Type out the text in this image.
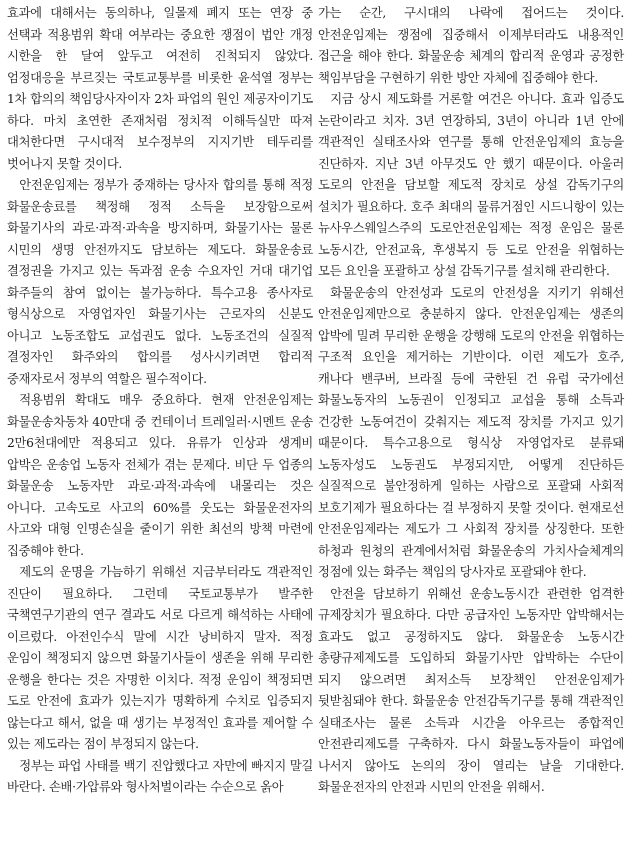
효과에 대해서는 동의하나, 일몰제 폐지 또는 연장 중 선택과 적용범위 확대 여부라는 중요한 쟁점이 법안 개정 시한을 한 달여 앞두고 여전히 진척되지 않았다. 엄정대응을 부르짖는 국토교통부를 비롯한 윤석열 정부는 1차 합의의 책임당사자이자 2차 파업의 원인 제공자이기도 하다. 마치 초연한 존재처럼 정치적 이해득실만 따져 대처한다면 구시대적 보수정부의 지지기반 테두리를 벗어나지 못할 것이다.

안전운임제는 정부가 중재하는 당사자 합의를 통해 적정 화물운송료를 책정해 정적 소득을 보장함으로써 화물기사의 과로·과적·과속을 방지하며, 화물기사는 물론 시민의 생명 안전까지도 담보하는 제도다. 화물운송료 결정권을 가지고 있는 독과점 운송 수요자인 거대 대기업 화주들의 참여 없이는 불가능하다. 특수고용 종사자로 형식상으로 자영업자인 화물기사는 근로자의 신분도 아니고 노동조합도 교섭권도 없다. 노동조건의 실질적 결정자인 화주와의 합의를 성사시키려면 합리적 중재자로서 정부의 역할은 필수적이다.

적용범위 확대도 매우 중요하다. 현재 안전운임제는 화물운송차동차 40만대 중 컨테이너 트레일러·시멘트 운송 2만6천대에만 적용되고 있다. 유류가 인상과 생계비 압박은 운송업 노동자 전체가 겪는 문제다. 비단 두 업종의 화물운송 노동자만 과로·과적·과속에 내몰리는 것은 아니다. 고속도로 사고의 60%를 웃도는 화물운전자의 사고와 대형 인명손실을 줄이기 위한 최선의 방책 마련에 집중해야 한다.

제도의 운명을 가늠하기 위해선 지금부터라도 객관적인 진단이 필요하다. 그런데 국토교통부가 발주한 국책연구기관의 연구 결과도 서로 다르게 해석하는 사태에 이르렀다. 아전인수식 말에 시간 낭비하지 말자. 적정 운임이 책정되지 않으면 화물기사들이 생존을 위해 무리한 운행을 한다는 것은 자명한 이치다. 적정 운임이 책정되면 도로 안전에 효과가 있는지가 명확하게 수치로 입증되지 않는다고 해서, 없을 때 생기는 부정적인 효과를 제어할 수 있는 제도라는 점이 부정되지 않는다.

정부는 파업 사태를 백기 진압했다고 자만에 빠지지 말길 바란다. 손배·가압류와 형사처벌이라는 수순으로 옭아

가는 순간, 구시대의 나락에 접어드는 것이다. 안전운임제는 쟁점에 집중해서 이제부터라도 내용적인 접근을 해야 한다. 화물운송 체계의 합리적 운영과 공정한 책임부담을 구현하기 위한 방안 자체에 집중해야 한다.

지금 상시 제도화를 거론할 여건은 아니다. 효과 입증도 논란이라고 치자. 3년 연장하되, 3년이 아니라 1년 안에 객관적인 실태조사와 연구를 통해 안전운임제의 효능을 진단하자. 지난 3년 아무것도 안 했기 때문이다. 아울러 도로의 안전을 담보할 제도적 장치로 상설 감독기구의 설치가 필요하다. 호주 최대의 물류거점인 시드니항이 있는 뉴사우스웨일스주의 도로안전운임제는 적정 운임은 물론 노동시간, 안전교육, 후생복지 등 도로 안전을 위협하는 모든 요인을 포괄하고 상설 감독기구를 설치해 관리한다.

화물운송의 안전성과 도로의 안전성을 지키기 위해선 안전운임제만으로 충분하지 않다. 안전운임제는 생존의 압박에 밀려 무리한 운행을 강행해 도로의 안전을 위협하는 구조적 요인을 제거하는 기반이다. 이런 제도가 호주, 캐나다 밴쿠버, 브라질 등에 국한된 건 유럽 국가에선 화물노동자의 노동권이 인정되고 교섭을 통해 소득과 건강한 노동여건이 갖춰지는 제도적 장치를 가지고 있기 때문이다. 특수고용으로 형식상 자영업자로 분류돼 노동자성도 노동권도 부정되지만, 어떻게 진단하든 실질적으로 불안정하게 일하는 사람으로 포괄돼 사회적 보호기제가 필요하다는 걸 부정하지 못할 것이다. 현재로선 안전운임제라는 제도가 그 사회적 장치를 상징한다. 또한 하청과 원청의 관계에서처럼 화물운송의 가치사슬체계의 정점에 있는 화주는 책임의 당사자로 포괄돼야 한다.

안전을 담보하기 위해선 운송노동시간 관련한 엄격한 규제장치가 필요하다. 다만 공급자인 노동자만 압박해서는 효과도 없고 공정하지도 않다. 화물운송 노동시간 총량규제제도를 도입하되 화물기사만 압박하는 수단이 되지 않으려면 최저소득 보장책인 안전운임제가 뒷받침돼야 한다. 화물운송 안전감독기구를 통해 객관적인 실태조사는 물론 소득과 시간을 아우르는 종합적인 안전관리제도를 구축하자. 다시 화물노동자들이 파업에 나서지 않아도 논의의 장이 열리는 날을 기대한다. 화물운전자의 안전과 시민의 안전을 위해서.
